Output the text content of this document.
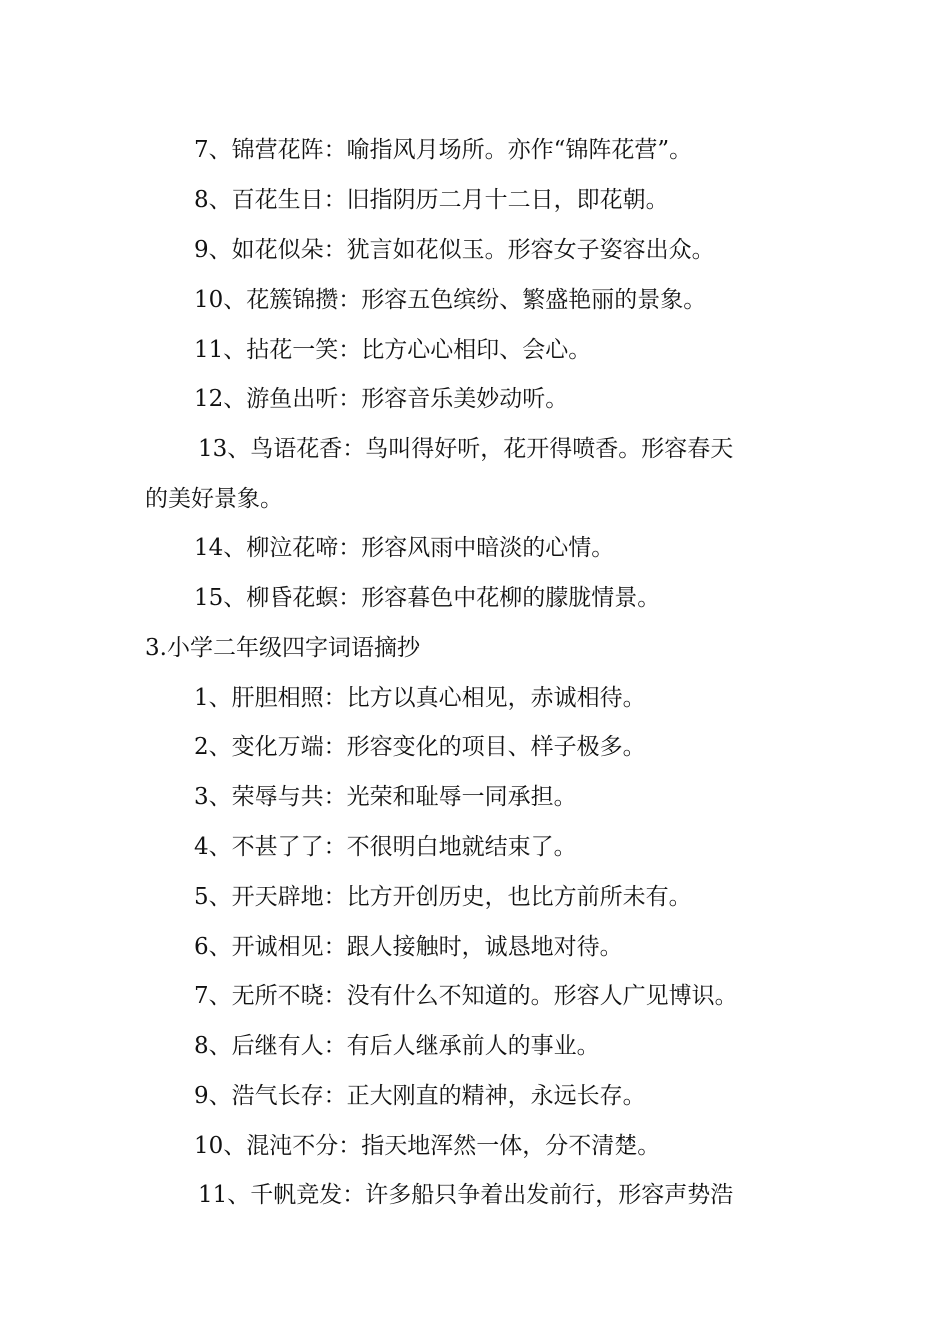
7、锦营花阵：喻指风月场所。亦作“锦阵花营”。

8、百花生日：旧指阴历二月十二日，即花朝。

9、如花似朵：犹言如花似玉。形容女子姿容出众。

10、花簇锦攒：形容五色缤纷、繁盛艳丽的景象。

11、拈花一笑：比方心心相印、会心。

12、游鱼出听：形容音乐美妙动听。

13、鸟语花香：鸟叫得好听，花开得喷香。形容春天

的美好景象。

14、柳泣花啼：形容风雨中暗淡的心情。

15、柳昏花螟：形容暮色中花柳的朦胧情景。

3.小学二年级四字词语摘抄

1、肝胆相照：比方以真心相见，赤诚相待。

2、变化万端：形容变化的项目、样子极多。

3、荣辱与共：光荣和耻辱一同承担。

4、不甚了了：不很明白地就结束了。

5、开天辟地：比方开创历史，也比方前所未有。

6、开诚相见：跟人接触时，诚恳地对待。

7、无所不晓：没有什么不知道的。形容人广见博识。

8、后继有人：有后人继承前人的事业。

9、浩气长存：正大刚直的精神，永远长存。

10、混沌不分：指天地浑然一体，分不清楚。

11、千帆竞发：许多船只争着出发前行，形容声势浩
